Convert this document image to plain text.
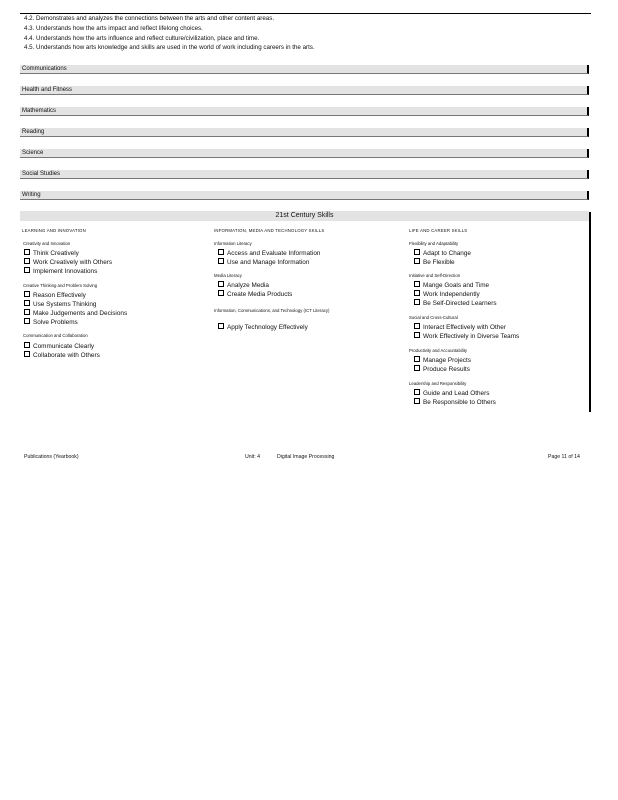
4.2. Demonstrates and analyzes the connections between the arts and other content areas.
4.3. Understands how the arts impact and reflect lifelong choices.
4.4. Understands how the arts influence and reflect culture/civilization, place and time.
4.5. Understands how arts knowledge and skills are used in the world of work including careers in the arts.
Communications
Health and Fitness
Mathematics
Reading
Science
Social Studies
Writing
21st Century Skills
LEARNING AND INNOVATION	INFORMATION, MEDIA AND TECHNOLOGY SKILLS	LIFE AND CAREER SKILLS
Creativity and Innovation
Think Creatively
Work Creatively with Others
Implement Innovations
Creative Thinking and Problem Solving
Reason Effectively
Use Systems Thinking
Make Judgements and Decisions
Solve Problems
Communication and Collaboration
Communicate Clearly
Collaborate with Others
Information Literacy
Access and Evaluate Information
Use and Manage Information
Media Literacy
Analyze Media
Create Media Products
Information, Communications, and Technology (ICT Literacy)
Apply Technology Effectively
Flexibility and Adaptability
Adapt to Change
Be Flexible
Initiative and Self-Direction
Mange Goals and Time
Work Independently
Be Self-Directed Learners
Social and Cross-Cultural
Interact Effectively with Other
Work Effectively in Diverse Teams
Productivity and Accountability
Manage Projects
Produce Results
Leadership and Responsibility
Guide and Lead Others
Be Responsible to Others
Publications (Yearbook)	Unit: 4	Digital Image Processing	Page 11 of 14
